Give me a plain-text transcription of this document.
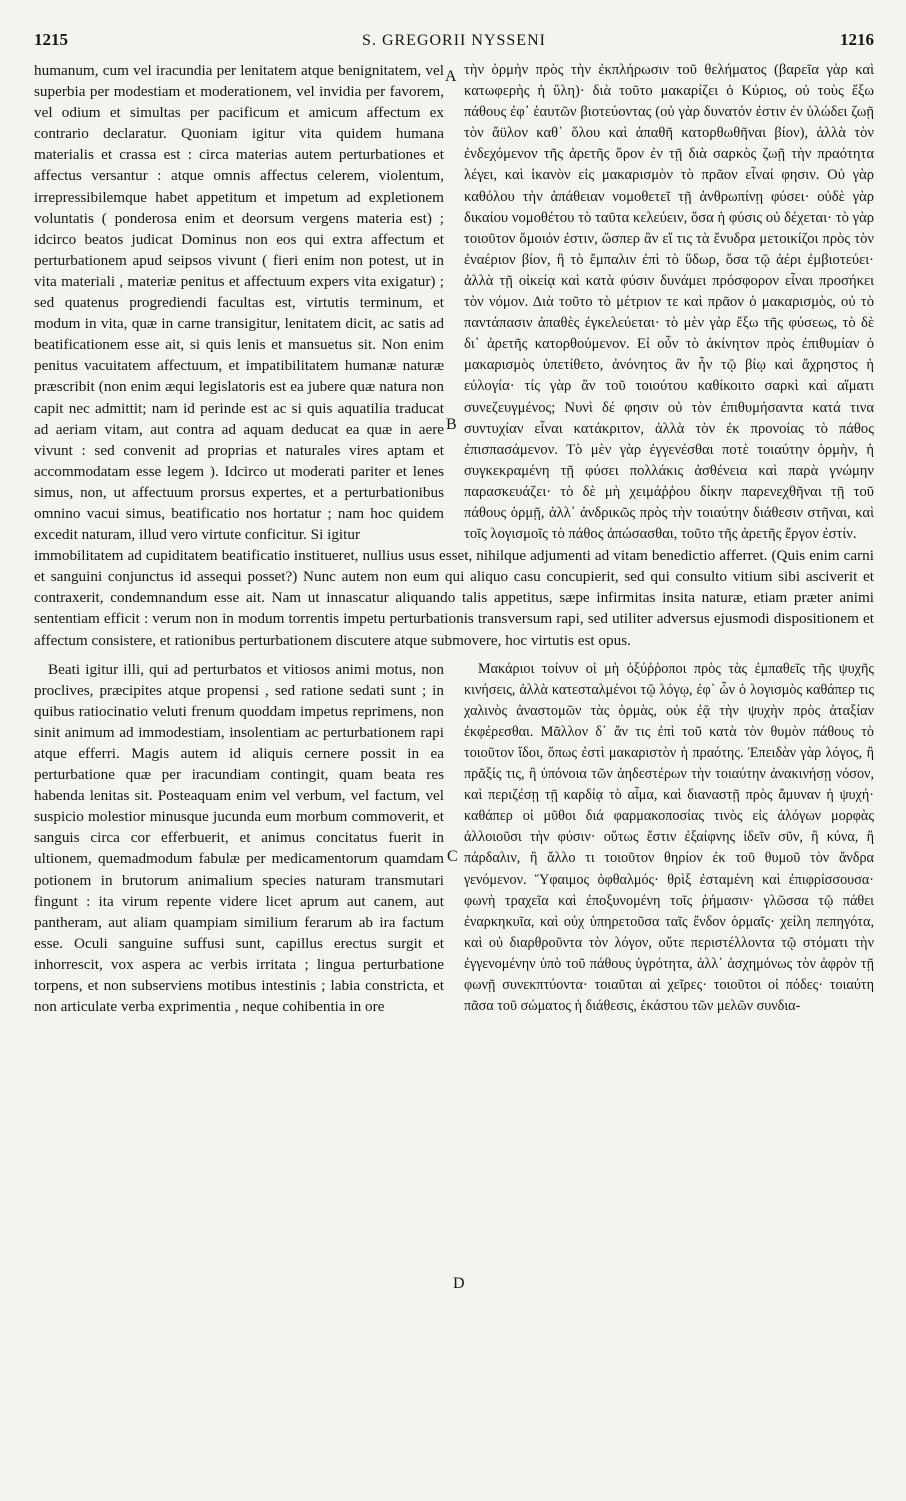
1215	S. GREGORII NYSSENI	1216
A
B
C
D

humanum, cum vel iracundia per lenitatem atque benignitatem, vel superbia per modestiam et moderationem, vel invidia per favorem, vel odium et simultas per pacificum et amicum affectum ex contrario declaratur. Quoniam igitur vita quidem humana materialis et crassa est : circa materias autem perturbationes et affectus versantur : atque omnis affectus celerem, violentum, irrepressibilemque habet appetitum et impetum ad expletionem voluntatis ( ponderosa enim et deorsum vergens materia est) ; idcirco beatos judicat Dominus non eos qui extra affectum et perturbationem apud seipsos vivunt ( fieri enim non potest, ut in vita materiali , materiæ penitus et affectuum expers vita exigatur) ; sed quatenus progrediendi facultas est, virtutis terminum, et modum in vita, quæ in carne transigitur, lenitatem dicit, ac satis ad beatificationem esse ait, si quis lenis et mansuetus sit. Non enim penitus vacuitatem affectuum, et impatibilitatem humanæ naturæ præscribit (non enim æqui legislatoris est ea jubere quæ natura non capit nec admittit; nam id perinde est ac si quis aquatilia traducat ad aeriam vitam, aut contra ad aquam deducat ea quæ in aere vivunt : sed convenit ad proprias et naturales vires aptam et accommodatam esse legem ). Idcirco ut moderati pariter et lenes simus, non, ut affectuum prorsus expertes, et a perturbationibus omnino vacui simus, beatificatio nos hortatur ; nam hoc quidem excedit naturam, illud vero virtute conficitur. Si igitur

τὴν ὁρμὴν πρὸς τὴν ἐκπλήρωσιν τοῦ θελήματος (βαρεῖα γὰρ καὶ κατωφερὴς ἡ ὕλη)· διὰ τοῦτο μακαρίζει ὁ Κύριος, οὐ τοὺς ἔξω πάθους ἐφ᾽ ἑαυτῶν βιοτεύοντας (οὐ γὰρ δυνατόν ἐστιν ἐν ὑλώδει ζωῇ τὸν ἄϋλον καθ᾽ ὅλου καὶ ἀπαθῆ κατορθωθῆναι βίον), ἀλλὰ τὸν ἐνδεχόμενον τῆς ἀρετῆς ὅρον ἐν τῇ διὰ σαρκὸς ζωῇ τὴν πραότητα λέγει, καὶ ἱκανὸν εἰς μακαρισμὸν τὸ πρᾶον εἶναί φησιν. Οὐ γὰρ καθόλου τὴν ἀπάθειαν νομοθετεῖ τῇ ἀνθρωπίνῃ φύσει· οὐδὲ γὰρ δικαίου νομοθέτου τὸ ταῦτα κελεύειν, ὅσα ἡ φύσις οὐ δέχεται· τὸ γὰρ τοιοῦτον ὅμοιόν ἐστιν, ὥσπερ ἂν εἴ τις τὰ ἔνυδρα μετοικίζοι πρὸς τὸν ἐναέριον βίον, ἢ τὸ ἔμπαλιν ἐπὶ τὸ ὕδωρ, ὅσα τῷ ἀέρι ἐμβιοτεύει· ἀλλὰ τῇ οἰκείᾳ καὶ κατὰ φύσιν δυνάμει πρόσφορον εἶναι προσήκει τὸν νόμον. Διὰ τοῦτο τὸ μέτριον τε καὶ πρᾶον ὁ μακαρισμὸς, οὐ τὸ παντάπασιν ἀπαθὲς ἐγκελεύεται· τὸ μὲν γὰρ ἔξω τῆς φύσεως, τὸ δὲ δι᾽ ἀρετῆς κατορθούμενον. Εἰ οὖν τὸ ἀκίνητον πρὸς ἐπιθυμίαν ὁ μακαρισμὸς ὑπετίθετο, ἀνόνητος ἂν ἦν τῷ βίῳ καὶ ἄχρηστος ἡ εὐλογία· τίς γὰρ ἂν τοῦ τοιούτου καθίκοιτο σαρκὶ καὶ αἵματι συνεζευγμένος; Νυνὶ δέ φησιν οὐ τὸν ἐπιθυμήσαντα κατά τινα συντυχίαν εἶναι κατάκριτον, ἀλλὰ τὸν ἐκ προνοίας τὸ πάθος ἐπισπασάμενον. Τὸ μὲν γὰρ ἐγγενέσθαι ποτὲ τοιαύτην ὁρμὴν, ἡ συγκεκραμένη τῇ φύσει πολλάκις ἀσθένεια καὶ παρὰ γνώμην παρασκευάζει· τὸ δὲ μὴ χειμάῤῥου δίκην παρενεχθῆναι τῇ τοῦ πάθους ὁρμῇ, ἀλλ᾽ ἀνδρικῶς πρὸς τὴν τοιαύτην διάθεσιν στῆναι, καὶ τοῖς λογισμοῖς τὸ πάθος ἀπώσασθαι, τοῦτο τῆς ἀρετῆς ἔργον ἐστίν.

immobilitatem ad cupiditatem beatificatio institueret, nullius usus esset, nihilque adjumenti ad vitam benedictio afferret. (Quis enim carni et sanguini conjunctus id assequi posset?) Nunc autem non eum qui aliquo casu concupierit, sed qui consulto vitium sibi asciverit et contraxerit, condemnandum esse ait. Nam ut innascatur aliquando talis appetitus, sæpe infirmitas insita naturæ, etiam præter animi sententiam efficit : verum non in modum torrentis impetu perturbationis transversum rapi, sed utiliter adversus ejusmodi dispositionem et affectum consistere, et rationibus perturbationem discutere atque submovere, hoc virtutis est opus.

Beati igitur illi, qui ad perturbatos et vitiosos animi motus, non proclives, præcipites atque propensi , sed ratione sedati sunt ; in quibus ratiocinatio veluti frenum quoddam impetus reprimens, non sinit animum ad immodestiam, insolentiam ac perturbationem rapi atque efferri. Magis autem id aliquis cernere possit in ea perturbatione quæ per iracundiam contingit, quam beata res habenda lenitas sit. Posteaquam enim vel verbum, vel factum, vel suspicio molestior minusque jucunda eum morbum commoverit, et sanguis circa cor efferbuerit, et animus concitatus fuerit in ultionem, quemadmodum fabulæ per medicamentorum quamdam potionem in brutorum animalium species naturam transmutari fingunt : ita virum repente videre licet aprum aut canem, aut pantheram, aut aliam quampiam similium ferarum ab ira factum esse. Oculi sanguine suffusi sunt, capillus erectus surgit et inhorrescit, vox aspera ac verbis irritata ; lingua perturbatione torpens, et non subserviens motibus intestinis ; labia constricta, et non articulate verba exprimentia , neque cohibentia in ore

Μακάριοι τοίνυν οἱ μὴ ὀξύῤῥοποι πρὸς τὰς ἐμπαθεῖς τῆς ψυχῆς κινήσεις, ἀλλὰ κατεσταλμένοι τῷ λόγῳ, ἐφ᾽ ὧν ὁ λογισμὸς καθάπερ τις χαλινὸς ἀναστομῶν τὰς ὁρμὰς, οὐκ ἐᾷ τὴν ψυχὴν πρὸς ἀταξίαν ἐκφέρεσθαι. Μᾶλλον δ᾽ ἄν τις ἐπὶ τοῦ κατὰ τὸν θυμὸν πάθους τὸ τοιοῦτον ἴδοι, ὅπως ἐστὶ μακαριστὸν ἡ πραότης. Ἐπειδὰν γὰρ λόγος, ἢ πρᾶξίς τις, ἢ ὑπόνοια τῶν ἀηδεστέρων τὴν τοιαύτην ἀνακινήσῃ νόσον, καὶ περιζέσῃ τῇ καρδίᾳ τὸ αἷμα, καὶ διαναστῇ πρὸς ἄμυναν ἡ ψυχή· καθάπερ οἱ μῦθοι διά φαρμακοποσίας τινὸς εἰς ἀλόγων μορφὰς ἀλλοιοῦσι τὴν φύσιν· οὕτως ἔστιν ἐξαίφνης ἰδεῖν σῦν, ἢ κύνα, ἢ πάρδαλιν, ἢ ἄλλο τι τοιοῦτον θηρίον ἐκ τοῦ θυμοῦ τὸν ἄνδρα γενόμενον. Ὕφαιμος ὀφθαλμός· θρὶξ ἐσταμένη καὶ ἐπιφρίσσουσα· φωνὴ τραχεῖα καὶ ἐποξυνομένη τοῖς ῥήμασιν· γλῶσσα τῷ πάθει ἐναρκηκυῖα, καὶ οὐχ ὑπηρετοῦσα ταῖς ἔνδον ὁρμαῖς· χείλη πεπηγότα, καὶ οὐ διαρθροῦντα τὸν λόγον, οὔτε περιστέλλοντα τῷ στόματι τὴν ἐγγενομένην ὑπὸ τοῦ πάθους ὑγρότητα, ἀλλ᾽ ἀσχημόνως τὸν ἀφρὸν τῇ φωνῇ συνεκπτύοντα· τοιαῦται αἱ χεῖρες· τοιοῦτοι οἱ πόδες· τοιαύτη πᾶσα τοῦ σώματος ἡ διάθεσις, ἑκάστου τῶν μελῶν συνδια-
